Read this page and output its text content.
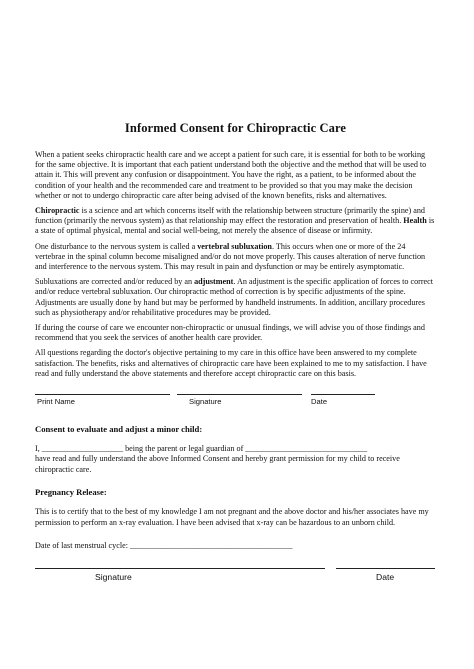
Informed Consent for Chiropractic Care

When a patient seeks chiropractic health care and we accept a patient for such care, it is essential for both to be working for the same objective. It is important that each patient understand both the objective and the method that will be used to attain it. This will prevent any confusion or disappointment. You have the right, as a patient, to be informed about the condition of your health and the recommended care and treatment to be provided so that you may make the decision whether or not to undergo chiropractic care after being advised of the known benefits, risks and alternatives.

Chiropractic is a science and art which concerns itself with the relationship between structure (primarily the spine) and function (primarily the nervous system) as that relationship may effect the restoration and preservation of health. Health is a state of optimal physical, mental and social well-being, not merely the absence of disease or infirmity.

One disturbance to the nervous system is called a vertebral subluxation. This occurs when one or more of the 24 vertebrae in the spinal column become misaligned and/or do not move properly. This causes alteration of nerve function and interference to the nervous system. This may result in pain and dysfunction or may be entirely asymptomatic.

Subluxations are corrected and/or reduced by an adjustment. An adjustment is the specific application of forces to correct and/or reduce vertebral subluxation. Our chiropractic method of correction is by specific adjustments of the spine. Adjustments are usually done by hand but may be performed by handheld instruments. In addition, ancillary procedures such as physiotherapy and/or rehabilitative procedures may be provided.

If during the course of care we encounter non-chiropractic or unusual findings, we will advise you of those findings and recommend that you seek the services of another health care provider.

All questions regarding the doctor's objective pertaining to my care in this office have been answered to my complete satisfaction. The benefits, risks and alternatives of chiropractic care have been explained to me to my satisfaction. I have read and fully understand the above statements and therefore accept chiropractic care on this basis.

Print Name	Signature	Date
Consent to evaluate and adjust a minor child:
I, ____________________ being the parent or legal guardian of ______________________________
have read and fully understand the above Informed Consent and hereby grant permission for my child to receive chiropractic care.
Pregnancy Release:
This is to certify that to the best of my knowledge I am not pregnant and the above doctor and his/her associates have my permission to perform an x-ray evaluation. I have been advised that x-ray can be hazardous to an unborn child.
Date of last menstrual cycle: ________________________________________
Signature	Date
